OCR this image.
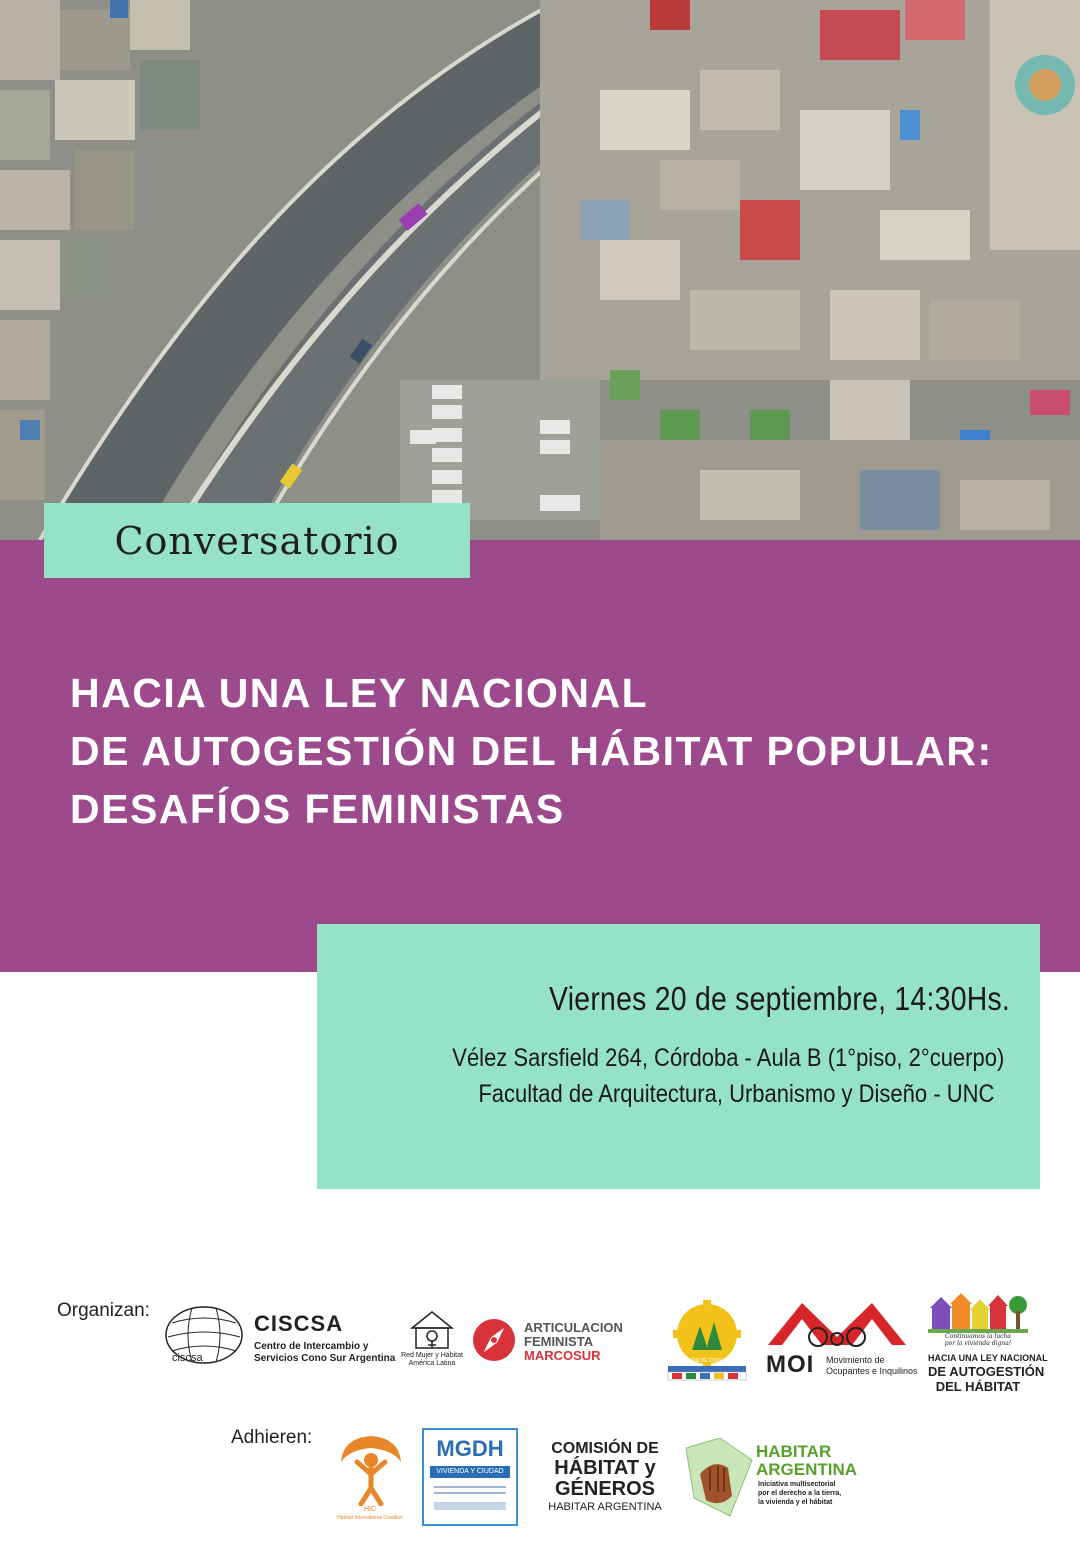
Conversatorio
HACIA UNA LEY NACIONAL
DE AUTOGESTIÓN DEL HÁBITAT POPULAR:
DESAFÍOS FEMINISTAS
Viernes 20 de septiembre, 14:30Hs.
Vélez Sarsfield 264, Córdoba - Aula B (1°piso, 2°cuerpo)
Facultad de Arquitectura, Urbanismo y Diseño - UNC
Organizan:
ciscsa
CISCSA
Centro de Intercambio y
Servicios Cono Sur Argentina Red Mujer y Hábitat
América Latina
ARTICULACION
FEMINISTA
MARCOSUR	FEDERACIÓN DE COOPERATIVAS MOI Movimiento de
Ocupantes e Inquilinos
Continuamos la lucha
por la vivienda digna!
HACIA UNA LEY NACIONAL
DE AUTOGESTIÓN
DEL HÁBITAT
Adhieren:
HIC
Habitat International Coalition
MGDH
VIVIENDA Y CIUDAD
COMISIÓN DE
HÁBITAT y
GÉNEROS
HABITAR ARGENTINA
HABITAR
ARGENTINA
Iniciativa multisectorial
por el derecho a la tierra,
la vivienda y el hábitat
